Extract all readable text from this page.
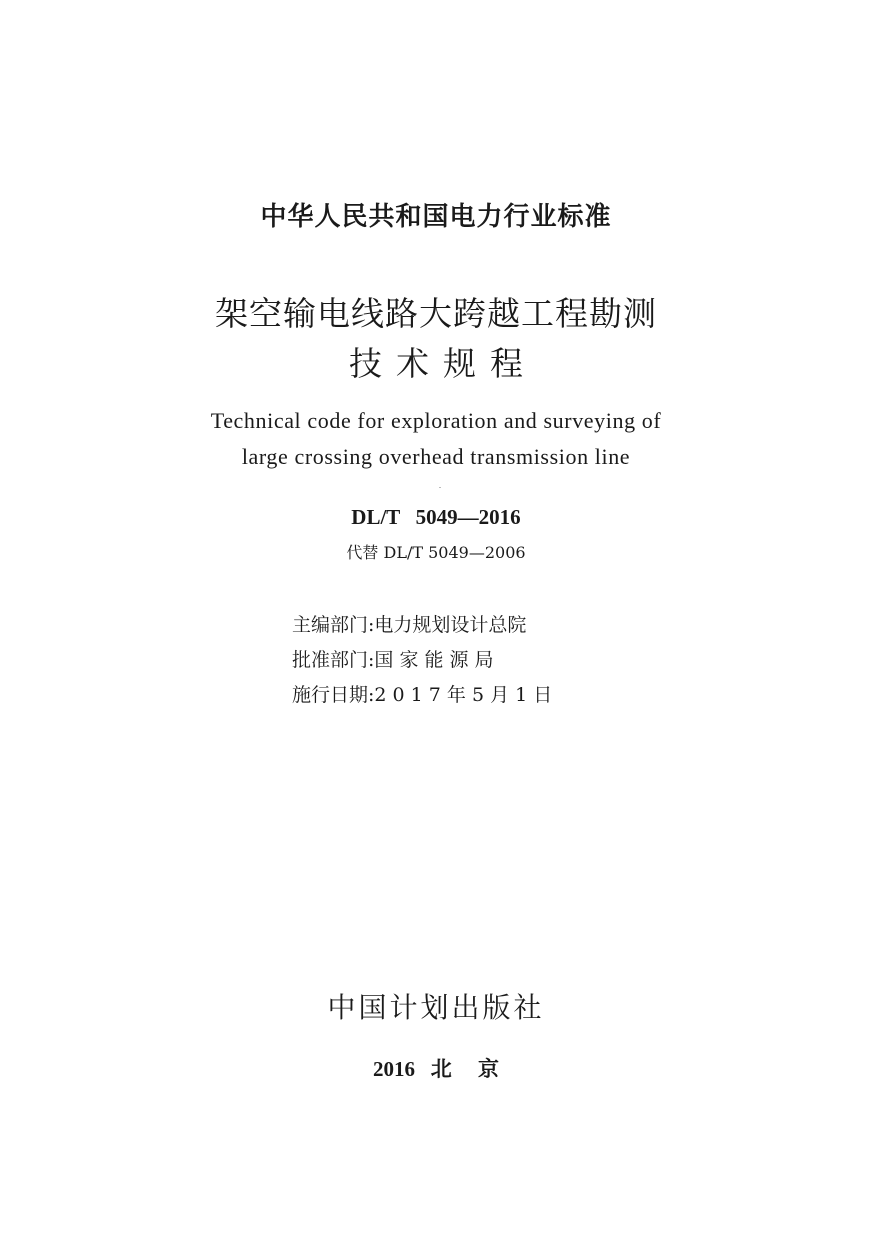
中华人民共和国电力行业标准
架空输电线路大跨越工程勘测
技术规程
Technical code for exploration and surveying of
large crossing overhead transmission line
DL/T   5049—2016
代替 DL/T 5049—2006
主编部门:电力规划设计总院
批准部门:国 家 能 源 局
施行日期:2 0 1 7 年 5 月 1 日
中国计划出版社
2016   北     京
